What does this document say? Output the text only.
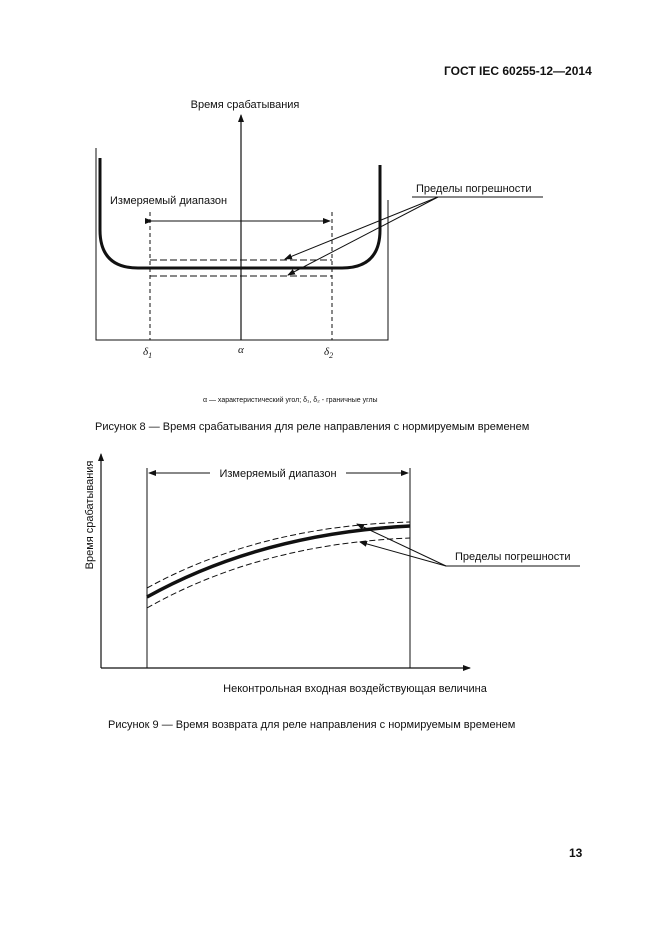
ГОСТ IEC 60255-12—2014
Время срабатывания
Измеряемый диапазон
Пределы погрешности
$\delta_1$	α	$\delta_2$
α — характеристический угол; δ₁, δ₂ - граничные углы
Рисунок 8 — Время срабатывания для реле направления с нормируемым временем
Время срабатывания
Неконтрольная входная воздействующая величина
Измеряемый диапазон
Пределы погрешности
Рисунок 9 — Время возврата для реле направления с нормируемым временем
13
